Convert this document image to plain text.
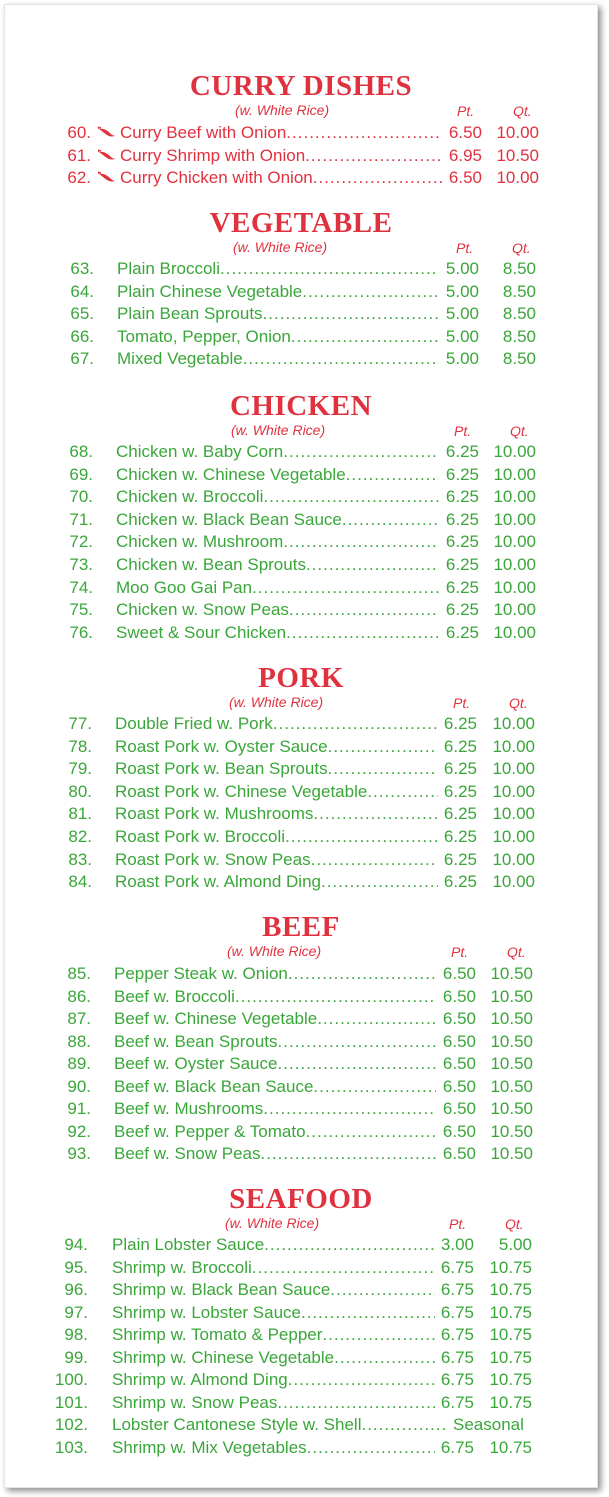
CURRY DISHES
(w. White Rice)	Pt.	Qt.
60. Curry Beef with Onion .....	6.50 10.00
61. Curry Shrimp with Onion .....	6.95 10.50
62. Curry Chicken with Onion .....	6.50 10.00
VEGETABLE
(w. White Rice)	Pt.	Qt.
63. Plain Broccoli .....	5.00 8.50
64. Plain Chinese Vegetable .....	5.00 8.50
65. Plain Bean Sprouts .....	5.00 8.50
66. Tomato, Pepper, Onion .....	5.00 8.50
67. Mixed Vegetable .....	5.00 8.50
CHICKEN
(w. White Rice)	Pt.	Qt.
68. Chicken w. Baby Corn .....	6.25 10.00
69. Chicken w. Chinese Vegetable .....	6.25 10.00
70. Chicken w. Broccoli .....	6.25 10.00
71. Chicken w. Black Bean Sauce .....	6.25 10.00
72. Chicken w. Mushroom .....	6.25 10.00
73. Chicken w. Bean Sprouts .....	6.25 10.00
74. Moo Goo Gai Pan .....	6.25 10.00
75. Chicken w. Snow Peas .....	6.25 10.00
76. Sweet & Sour Chicken .....	6.25 10.00
PORK
(w. White Rice)	Pt.	Qt.
77. Double Fried w. Pork .....	6.25 10.00
78. Roast Pork w. Oyster Sauce .....	6.25 10.00
79. Roast Pork w. Bean Sprouts .....	6.25 10.00
80. Roast Pork w. Chinese Vegetable .....	6.25 10.00
81. Roast Pork w. Mushrooms .....	6.25 10.00
82. Roast Pork w. Broccoli .....	6.25 10.00
83. Roast Pork w. Snow Peas .....	6.25 10.00
84. Roast Pork w. Almond Ding .....	6.25 10.00
BEEF
(w. White Rice)	Pt.	Qt.
85. Pepper Steak w. Onion .....	6.50 10.50
86. Beef w. Broccoli .....	6.50 10.50
87. Beef w. Chinese Vegetable .....	6.50 10.50
88. Beef w. Bean Sprouts .....	6.50 10.50
89. Beef w. Oyster Sauce .....	6.50 10.50
90. Beef w. Black Bean Sauce .....	6.50 10.50
91. Beef w. Mushrooms .....	6.50 10.50
92. Beef w. Pepper & Tomato .....	6.50 10.50
93. Beef w. Snow Peas .....	6.50 10.50
SEAFOOD
(w. White Rice)	Pt.	Qt.
94. Plain Lobster Sauce .....	3.00 5.00
95. Shrimp w. Broccoli .....	6.75 10.75
96. Shrimp w. Black Bean Sauce .....	6.75 10.75
97. Shrimp w. Lobster Sauce .....	6.75 10.75
98. Shrimp w. Tomato & Pepper .....	6.75 10.75
99. Shrimp w. Chinese Vegetable .....	6.75 10.75
100. Shrimp w. Almond Ding .....	6.75 10.75
101. Shrimp w. Snow Peas .....	6.75 10.75
102. Lobster Cantonese Style w. Shell .....	Seasonal
103. Shrimp w. Mix Vegetables .....	6.75 10.75
